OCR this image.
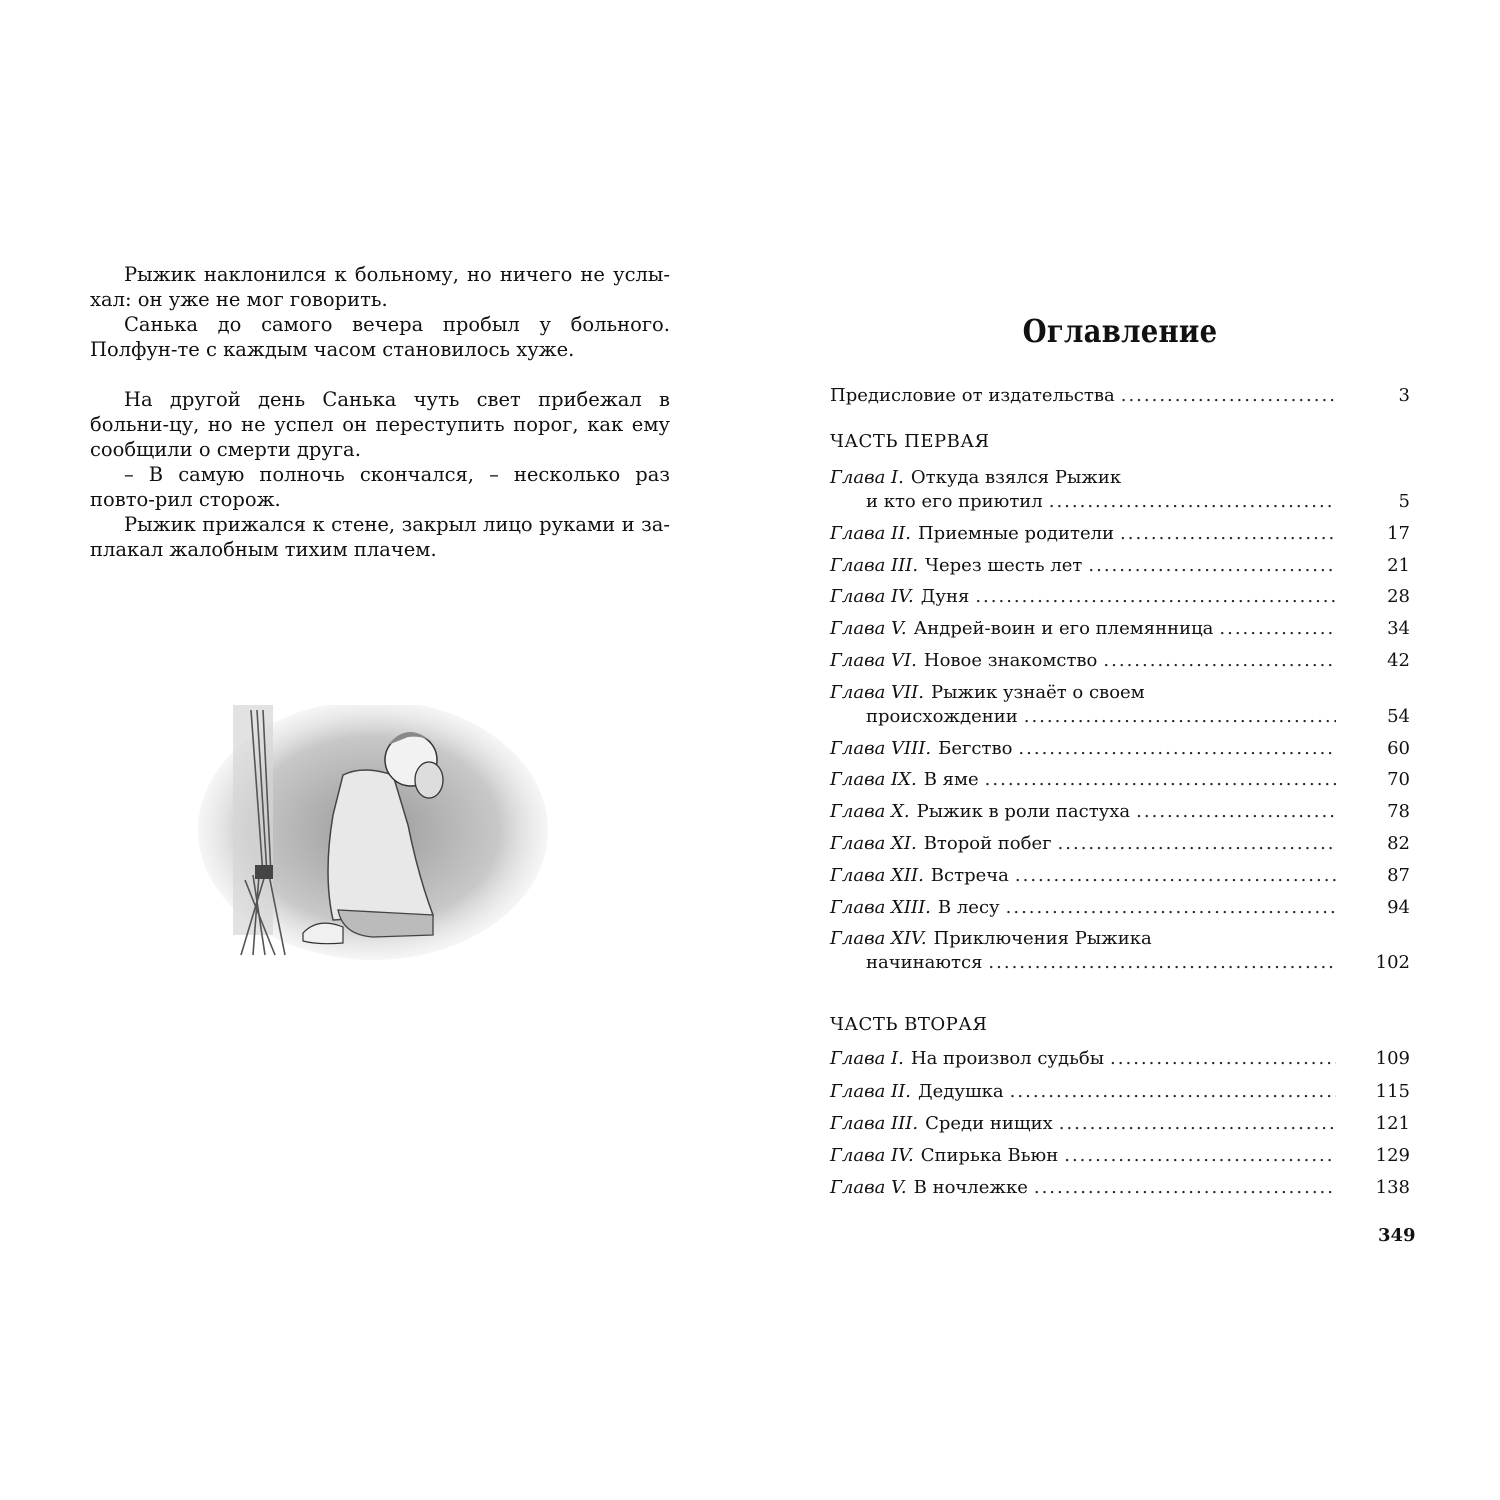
Рыжик наклонился к больному, но ничего не услы-хал: он уже не мог говорить.

Санька до самого вечера пробыл у больного. Полфун-те с каждым часом становилось хуже.

На другой день Санька чуть свет прибежал в больни-цу, но не успел он переступить порог, как ему сообщили о смерти друга.

– В самую полночь скончался, – несколько раз повто-рил сторож.

Рыжик прижался к стене, закрыл лицо руками и за-плакал жалобным тихим плачем.

Оглавление
Предисловие от издательства .....	3
ЧАСТЬ ПЕРВАЯ
Глава I. Откуда взялся Рыжик
и кто его приютил .....	5
Глава II. Приемные родители .....	17
Глава III. Через шесть лет .....	21
Глава IV. Дуня .....	28
Глава V. Андрей-воин и его племянница .....	34
Глава VI. Новое знакомство .....	42
Глава VII. Рыжик узнаёт о своем
происхождении .....	54
Глава VIII. Бегство .....	60
Глава IX. В яме .....	70
Глава X. Рыжик в роли пастуха .....	78
Глава XI. Второй побег .....	82
Глава XII. Встреча .....	87
Глава XIII. В лесу .....	94
Глава XIV. Приключения Рыжика
начинаются .....	102
ЧАСТЬ ВТОРАЯ
Глава I. На произвол судьбы .....	109
Глава II. Дедушка .....	115
Глава III. Среди нищих .....	121
Глава IV. Спирька Вьюн .....	129
Глава V. В ночлежке .....	138
349
